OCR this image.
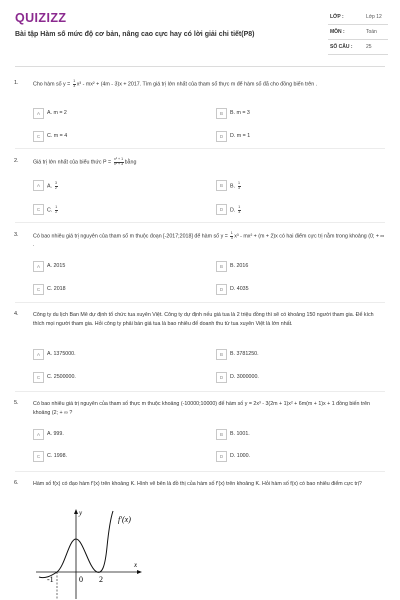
QUIZIZZ
Bài tập Hàm số mức độ cơ bản, nâng cao cực hay có lời giải chi tiết(P8)
LỚP :	Lớp 12
MÔN :	Toán
SỐ CÂU :	25
1.	Cho hàm số $y = \frac{1}{3} x^3 - mx^2 + (4m - 3)x + 2017$. Tìm giá trị lớn nhất của tham số thực m để hàm số đã cho đồng biến trên .
A	A. m = 2	B	B. m = 3
C	C. m = 4	D	D. m = 1
2.	Giá trị lớn nhất của biểu thức $P = \frac{\text{x² + 1}}{\text{x² + 3}}$ bằng
A	A. $\frac{3}{2}$	B	B. $\frac{1}{3}$
C	C. $\frac{1}{2}$	D	D. $\frac{1}{3}$
3.	Có bao nhiêu giá trị nguyên của tham số m thuộc đoạn [-2017;2018] để hàm số $y = \frac{1}{3} x^3 - mx^2 + (m + 2)x$ có hai điểm cực trị nằm trong khoảng (0; + ∞ .
A	A. 2015	B	B. 2016
C	C. 2018	D	D. 4035
4.	Công ty du lịch Ban Mê dự định tổ chức tua xuyên Việt. Công ty dự định nếu giá tua là 2 triệu đồng thì sẽ có khoảng 150 người tham gia. Để kích thích mọi người tham gia. Hỏi công ty phải bán giá tua là bao nhiêu để doanh thu từ tua xuyên Việt là lớn nhất.
A	A. 1375000.	B	B. 3781250.
C	C. 2500000.	D	D. 3000000.
5.	Có bao nhiêu giá trị nguyên của tham số thực m thuộc khoảng (-10000;10000) để hàm số y = 2x³ - 3(2m + 1)x² + 6m(m + 1)x + 1 đồng biến trên khoảng (2; + ∞ ?
A	A. 999.	B	B. 1001.
C	C. 1998.	D	D. 1000.
6.	Hàm số f(x) có đạo hàm f'(x) trên khoảng K. Hình vẽ bên là đồ thị của hàm số f'(x) trên khoảng K. Hỏi hàm số f(x) có bao nhiêu điểm cực trị?
y
x
f′(x)
-1	0 2
